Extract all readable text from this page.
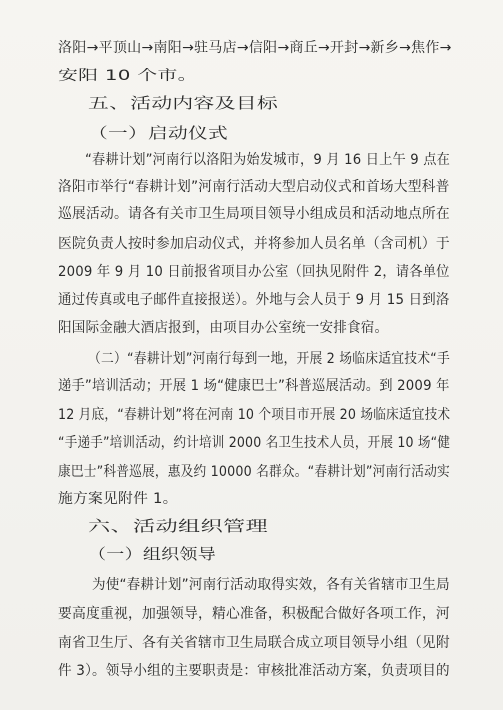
洛阳→平顶山→南阳→驻马店→信阳→商丘→开封→新乡→焦作→
安阳 10 个市。
五、活动内容及目标
（一）启动仪式
“春耕计划”河南行以洛阳为始发城市，9 月 16 日上午 9 点在
洛阳市举行“春耕计划”河南行活动大型启动仪式和首场大型科普
巡展活动。请各有关市卫生局项目领导小组成员和活动地点所在
医院负责人按时参加启动仪式，并将参加人员名单（含司机）于
2009 年 9 月 10 日前报省项目办公室（回执见附件 2，请各单位
通过传真或电子邮件直接报送）。外地与会人员于 9 月 15 日到洛
阳国际金融大酒店报到，由项目办公室统一安排食宿。
（二）“春耕计划”河南行每到一地，开展 2 场临床适宜技术“手
递手”培训活动；开展 1 场“健康巴士”科普巡展活动。到 2009 年
12 月底，“春耕计划”将在河南 10 个项目市开展 20 场临床适宜技术
“手递手”培训活动，约计培训 2000 名卫生技术人员，开展 10 场“健
康巴士”科普巡展，惠及约 10000 名群众。“春耕计划”河南行活动实
施方案见附件 1。
六、活动组织管理
（一）组织领导
为使“春耕计划”河南行活动取得实效，各有关省辖市卫生局
要高度重视，加强领导，精心准备，积极配合做好各项工作，河
南省卫生厅、各有关省辖市卫生局联合成立项目领导小组（见附
件 3）。领导小组的主要职责是：审核批准活动方案，负责项目的
